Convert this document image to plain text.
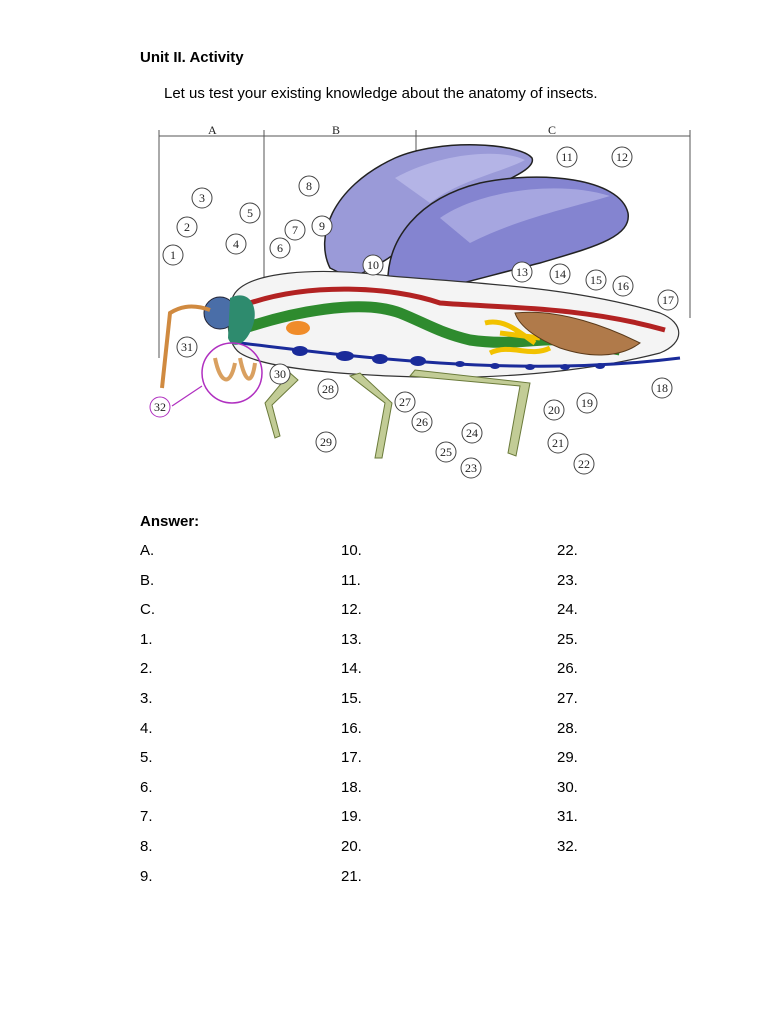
Unit II. Activity
Let us test your existing knowledge about the anatomy of insects.
A	B	C
1
2
3
4
5
6
7
8
9
10
11	12
13 14 15 16
17
18
19
20
21
22
23
24
25
26
27
28
29
30
31
32
Answer:
A.
B.
C.
1.
2.
3.
4.
5.
6.
7.
8.
9.
10.
11.
12.
13.
14.
15.
16.
17.
18.
19.
20.
21.
22.
23.
24.
25.
26.
27.
28.
29.
30.
31.
32.
